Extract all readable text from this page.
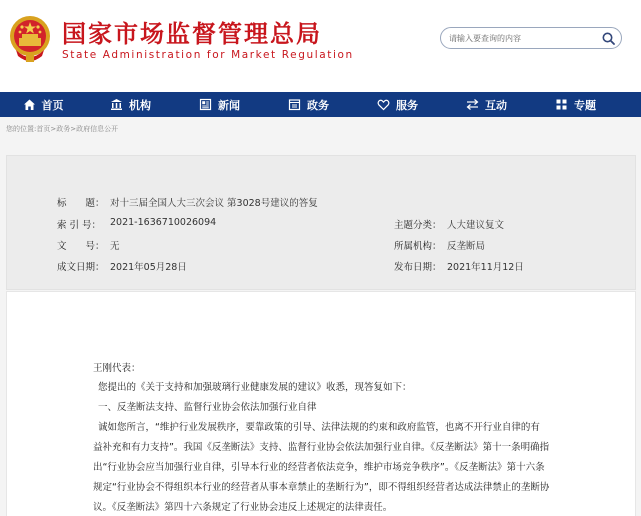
国家市场监督管理总局
State Administration for Market Regulation
请输入要查询的内容
首页	机构	新闻	政务	服务	互动	专题
您的位置:首页>政务>政府信息公开
标　　题： 对十三届全国人大三次会议 第3028号建议的答复
索 引 号： 2021-1636710026094	主题分类： 人大建议复文
文　　号： 无	所属机构： 反垄断局
成文日期： 2021年05月28日	发布日期： 2021年11月12日
王刚代表：
您提出的《关于支持和加强玻璃行业健康发展的建议》收悉，现答复如下：
一、反垄断法支持、监督行业协会依法加强行业自律
诚如您所言，“维护行业发展秩序，要靠政策的引导、法律法规的约束和政府监管，也离不开行业自律的有
益补充和有力支持”。我国《反垄断法》支持、监督行业协会依法加强行业自律。《反垄断法》第十一条明确指
出“行业协会应当加强行业自律，引导本行业的经营者依法竞争，维护市场竞争秩序”。《反垄断法》第十六条
规定“行业协会不得组织本行业的经营者从事本章禁止的垄断行为”，即不得组织经营者达成法律禁止的垄断协
议。《反垄断法》第四十六条规定了行业协会违反上述规定的法律责任。
